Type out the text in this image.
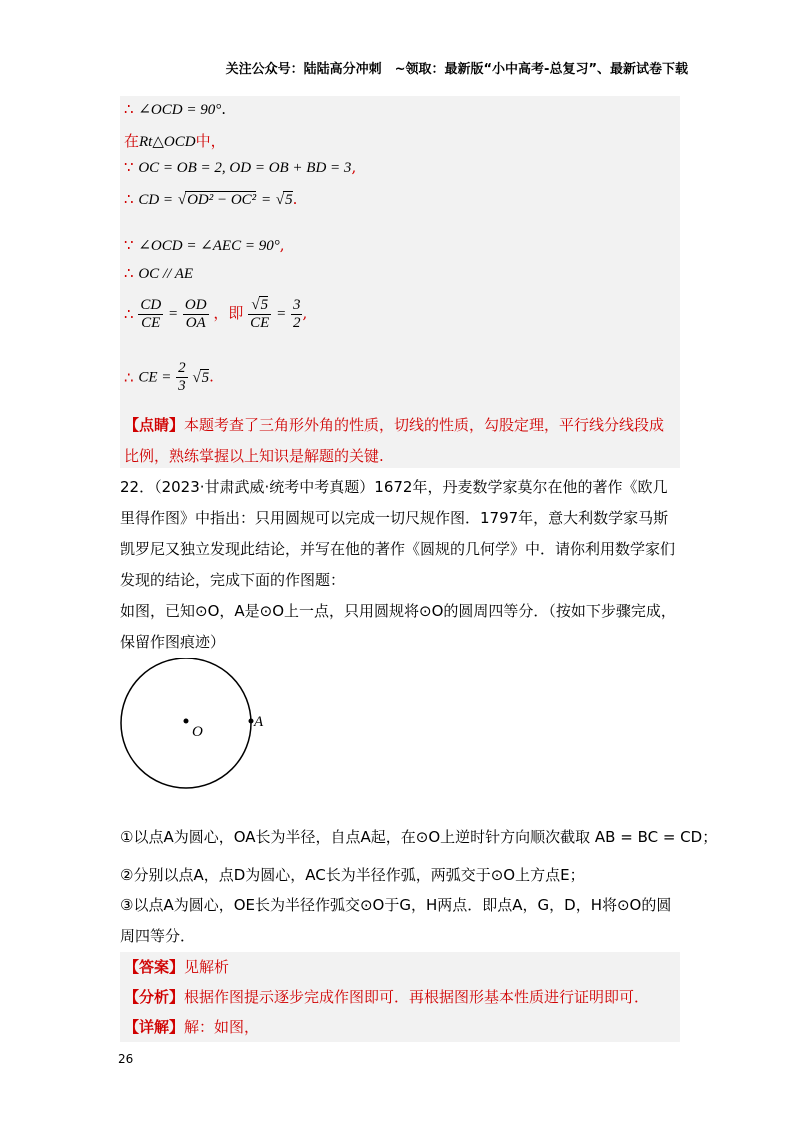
关注公众号：陆陆高分冲刺　~领取：最新版“小中高考-总复习”、最新试卷下载
∴ ∠OCD = 90°.
在Rt△OCD中，
∵ OC = OB = 2, OD = OB + BD = 3,
∴ CD = √OD² − OC² = √5.
∵ ∠OCD = ∠AEC = 90°,
∴ OC // AE
∴ $\frac{CD}{CE} = \frac{OD}{OA}$ ，即 $\frac{√5}{CE} = \frac{3}{2}$ ,
∴ CE = $\frac{2}{3} √5$.
【点睛】本题考查了三角形外角的性质，切线的性质，勾股定理，平行线分线段成比例，熟练掌握以上知识是解题的关键.
22．（2023·甘肃武威·统考中考真题）1672年，丹麦数学家莫尔在他的著作《欧几里得作图》中指出：只用圆规可以完成一切尺规作图．1797年，意大利数学家马斯凯罗尼又独立发现此结论，并写在他的著作《圆规的几何学》中．请你利用数学家们发现的结论，完成下面的作图题：
如图，已知⊙O，A是⊙O上一点，只用圆规将⊙O的圆周四等分．（按如下步骤完成，保留作图痕迹）
O
A
①以点A为圆心，OA长为半径，自点A起，在⊙O上逆时针方向顺次截取 AB = BC = CD；
②分别以点A，点D为圆心，AC长为半径作弧，两弧交于⊙O上方点E；
③以点A为圆心，OE长为半径作弧交⊙O于G，H两点．即点A，G，D，H将⊙O的圆周四等分．
【答案】见解析
【分析】根据作图提示逐步完成作图即可．再根据图形基本性质进行证明即可．
【详解】解：如图，
26
